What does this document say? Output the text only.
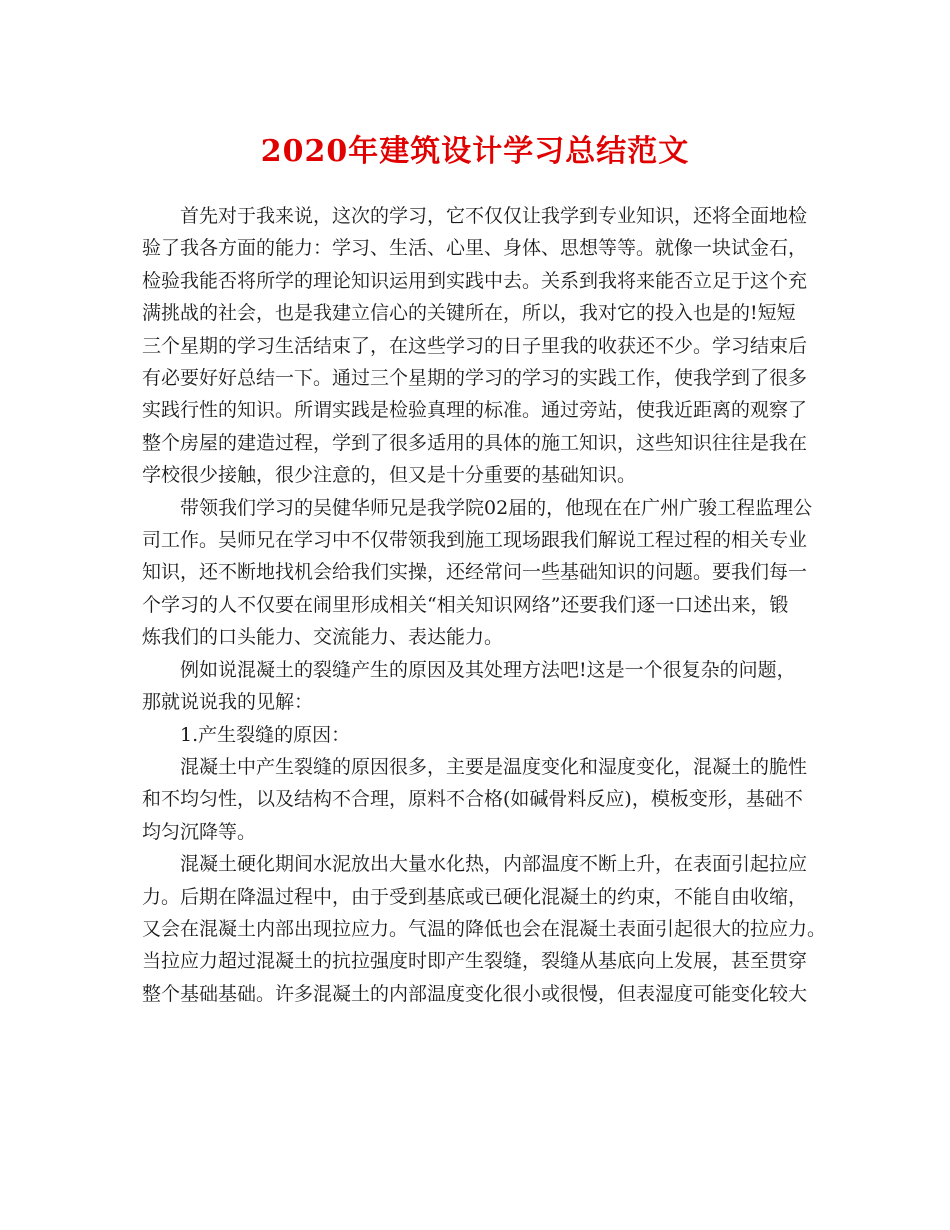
2020年建筑设计学习总结范文

首先对于我来说，这次的学习，它不仅仅让我学到专业知识，还将全面地检
验了我各方面的能力：学习、生活、心里、身体、思想等等。就像一块试金石，
检验我能否将所学的理论知识运用到实践中去。关系到我将来能否立足于这个充
满挑战的社会，也是我建立信心的关键所在，所以，我对它的投入也是的!短短
三个星期的学习生活结束了，在这些学习的日子里我的收获还不少。学习结束后
有必要好好总结一下。通过三个星期的学习的学习的实践工作，使我学到了很多
实践行性的知识。所谓实践是检验真理的标准。通过旁站，使我近距离的观察了
整个房屋的建造过程，学到了很多适用的具体的施工知识，这些知识往往是我在
学校很少接触，很少注意的，但又是十分重要的基础知识。

带领我们学习的吴健华师兄是我学院02届的，他现在在广州广骏工程监理公
司工作。吴师兄在学习中不仅带领我到施工现场跟我们解说工程过程的相关专业
知识，还不断地找机会给我们实操，还经常问一些基础知识的问题。要我们每一
个学习的人不仅要在闹里形成相关“相关知识网络”还要我们逐一口述出来，锻
炼我们的口头能力、交流能力、表达能力。

例如说混凝土的裂缝产生的原因及其处理方法吧!这是一个很复杂的问题，
那就说说我的见解：

1.产生裂缝的原因：

混凝土中产生裂缝的原因很多，主要是温度变化和湿度变化，混凝土的脆性
和不均匀性，以及结构不合理，原料不合格(如碱骨料反应)，模板变形，基础不
均匀沉降等。

混凝土硬化期间水泥放出大量水化热，内部温度不断上升，在表面引起拉应
力。后期在降温过程中，由于受到基底或已硬化混凝土的约束，不能自由收缩，
又会在混凝土内部出现拉应力。气温的降低也会在混凝土表面引起很大的拉应力。
当拉应力超过混凝土的抗拉强度时即产生裂缝，裂缝从基底向上发展，甚至贯穿
整个基础基础。许多混凝土的内部温度变化很小或很慢，但表湿度可能变化较大
